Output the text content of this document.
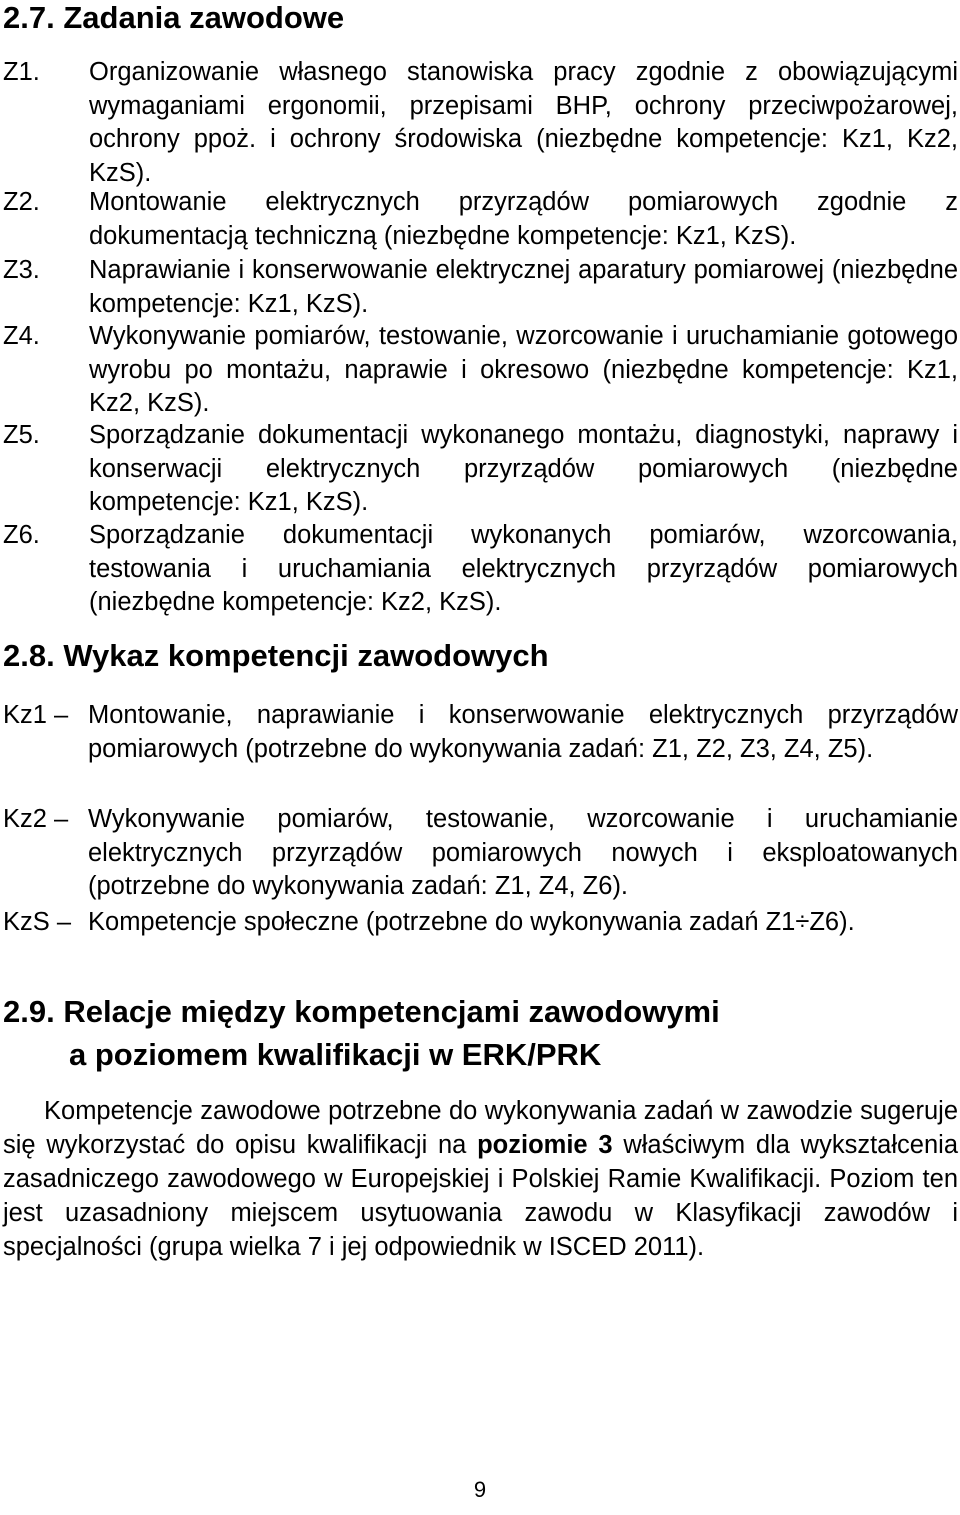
2.7. Zadania zawodowe
Z1. Organizowanie własnego stanowiska pracy zgodnie z obowiązującymi wymaganiami ergonomii, przepisami BHP, ochrony przeciwpożarowej, ochrony ppoż. i ochrony środowiska (niezbędne kompetencje: Kz1, Kz2, KzS).
Z2. Montowanie elektrycznych przyrządów pomiarowych zgodnie z dokumentacją techniczną (niezbędne kompetencje: Kz1, KzS).
Z3. Naprawianie i konserwowanie elektrycznej aparatury pomiarowej (niezbędne kompetencje: Kz1, KzS).
Z4. Wykonywanie pomiarów, testowanie, wzorcowanie i uruchamianie gotowego wyrobu po montażu, naprawie i okresowo (niezbędne kompetencje: Kz1, Kz2, KzS).
Z5. Sporządzanie dokumentacji wykonanego montażu, diagnostyki, naprawy i konserwacji elektrycznych przyrządów pomiarowych (niezbędne kompetencje: Kz1, KzS).
Z6. Sporządzanie dokumentacji wykonanych pomiarów, wzorcowania, testowania i uruchamiania elektrycznych przyrządów pomiarowych (niezbędne kompetencje: Kz2, KzS).
2.8. Wykaz kompetencji zawodowych
Kz1 – Montowanie, naprawianie i konserwowanie elektrycznych przyrządów pomiarowych (potrzebne do wykonywania zadań: Z1, Z2, Z3, Z4, Z5).
Kz2 – Wykonywanie pomiarów, testowanie, wzorcowanie i uruchamianie elektrycznych przyrządów pomiarowych nowych i eksploatowanych (potrzebne do wykonywania zadań: Z1, Z4, Z6).
KzS – Kompetencje społeczne (potrzebne do wykonywania zadań Z1÷Z6).
2.9. Relacje między kompetencjami zawodowymi
a poziomem kwalifikacji w ERK/PRK

Kompetencje zawodowe potrzebne do wykonywania zadań w zawodzie sugeruje się wykorzystać do opisu kwalifikacji na poziomie 3 właściwym dla wykształcenia zasadniczego zawodowego w Europejskiej i Polskiej Ramie Kwalifikacji. Poziom ten jest uzasadniony miejscem usytuowania zawodu w Klasyfikacji zawodów i specjalności (grupa wielka 7 i jej odpowiednik w ISCED 2011).

9
